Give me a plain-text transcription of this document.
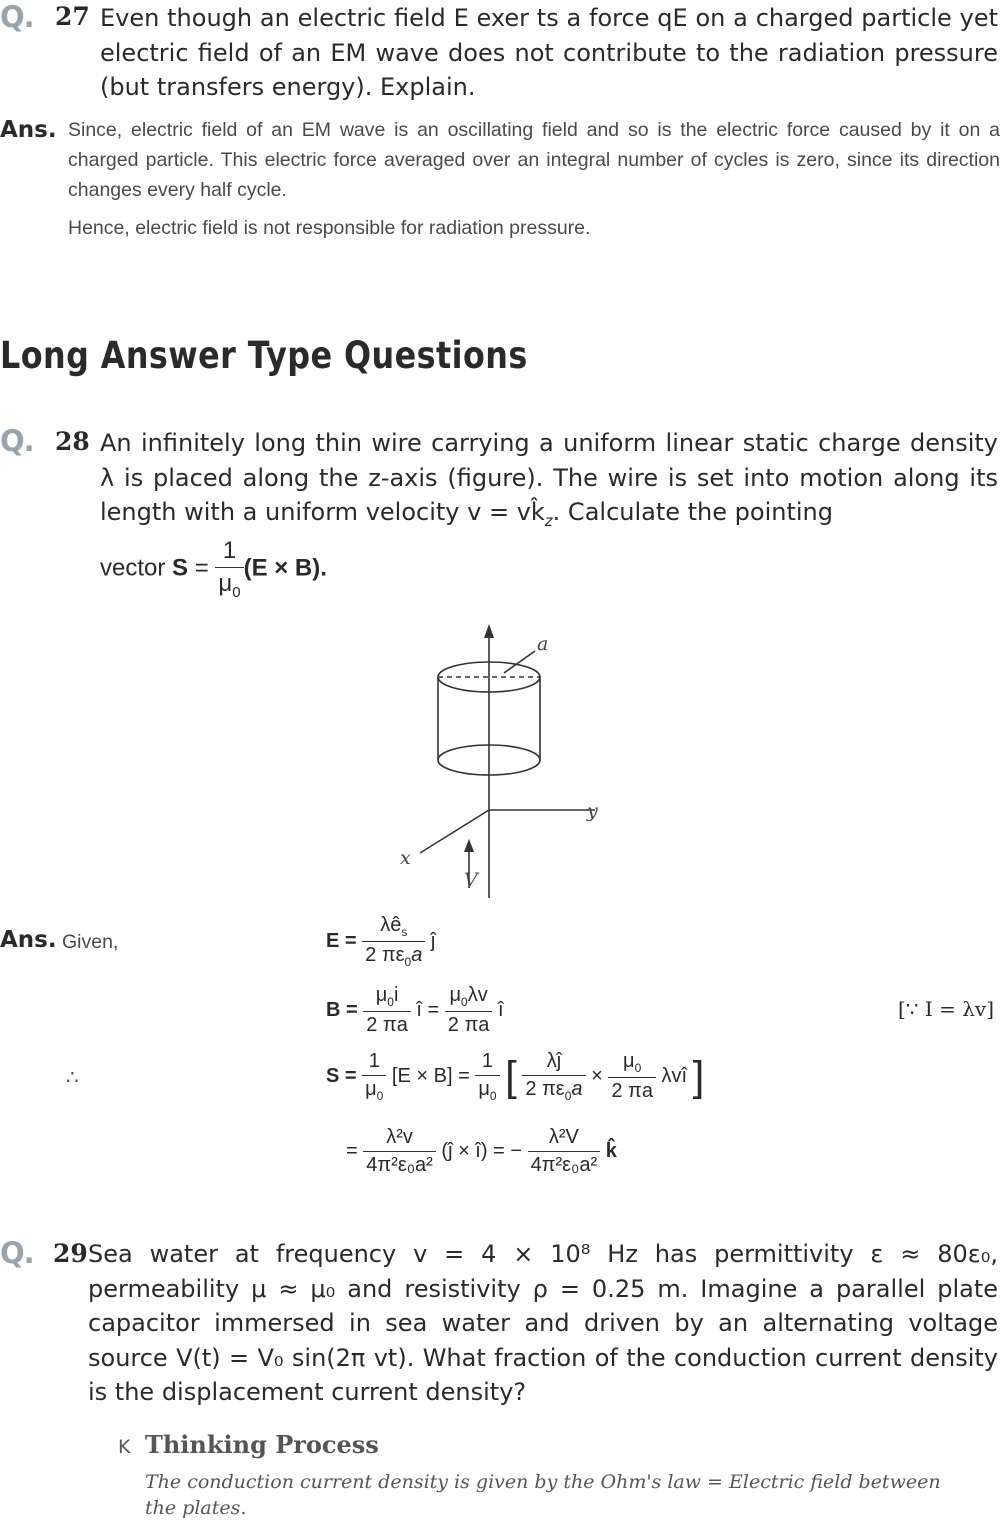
Q. 27 Even though an electric field E exer ts a force qE on a charged particle yet electric field of an EM wave does not contribute to the radiation pressure (but transfers energy). Explain.
Ans. Since, electric field of an EM wave is an oscillating field and so is the electric force caused by it on a charged particle. This electric force averaged over an integral number of cycles is zero, since its direction changes every half cycle.
Hence, electric field is not responsible for radiation pressure.
Long Answer Type Questions
Q. 28 An infinitely long thin wire carrying a uniform linear static charge density λ is placed along the z-axis (figure). The wire is set into motion along its length with a uniform velocity $v = vk̂_z$. Calculate the pointing
vector $S = \frac{1}{\mu_0} (E \times B)$.
a
y
x
V
Ans. Given,	$E = \frac{\lambda ê_s}{2 \pi\varepsilon_0a}$ ĵ
$B = \frac{\mu_0i}{2 \pi a}$ î = $\frac{\mu_0\lambda v}{2 \pi a}$ î	[∵ I = λv]
∴	$S = \frac{1}{\mu_0} [E \times B] = \frac{1}{\mu_0}$ [ $\frac{\lambda ĵ}{2 \pi\varepsilon_0a} \times \frac{\mu_0}{2 \pi a}$ λvî ]
= $\frac{\text{λ²v}}{\text{4π²ε₀a²}}$ (ĵ × î) = − $\frac{\text{λ²V}}{\text{4π²ε₀a²}}$ k̂
Q. 29 Sea water at frequency v = 4 × 10⁸ Hz has permittivity ε ≈ 80ε₀, permeability μ ≈ μ₀ and resistivity ρ = 0.25 m. Imagine a parallel plate capacitor immersed in sea water and driven by an alternating voltage source V(t) = V₀ sin(2π vt). What fraction of the conduction current density is the displacement current density?
K Thinking Process
The conduction current density is given by the Ohm's law = Electric field between the plates.
